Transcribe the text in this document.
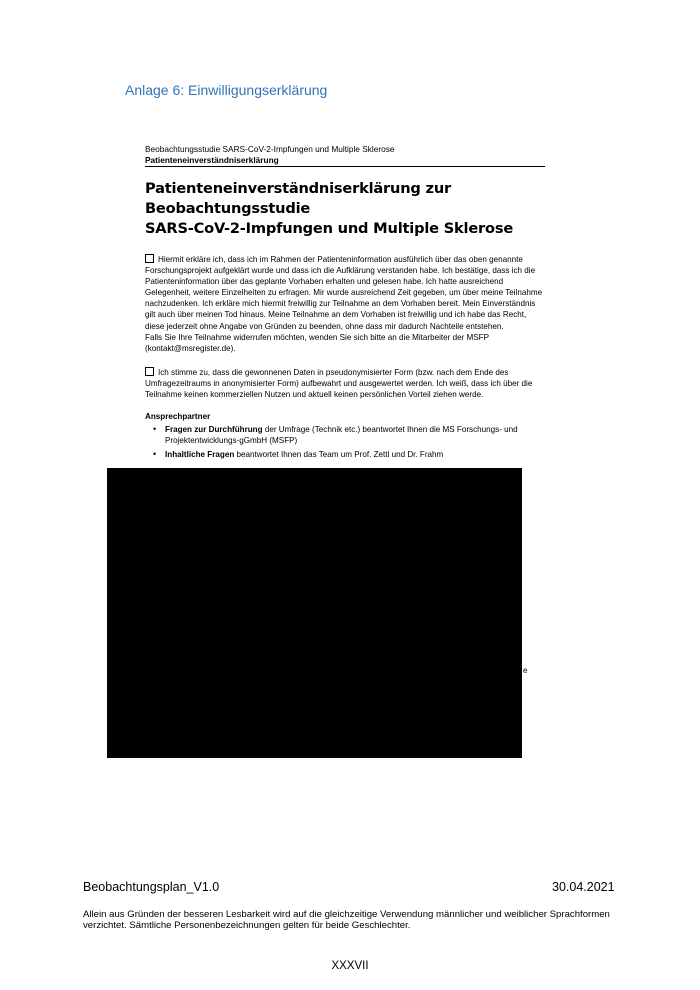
Anlage 6: Einwilligungserklärung
Beobachtungsstudie SARS-CoV-2-Impfungen und Multiple Sklerose
Patienteneinverständniserklärung
Patienteneinverständniserklärung zur Beobachtungsstudie
SARS-CoV-2-Impfungen und Multiple Sklerose

Hiermit erkläre ich, dass ich im Rahmen der Patienteninformation ausführlich über das oben genannte Forschungsprojekt aufgeklärt wurde und dass ich die Aufklärung verstanden habe. Ich bestätige, dass ich die Patienteninformation über das geplante Vorhaben erhalten und gelesen habe. Ich hatte ausreichend Gelegenheit, weitere Einzelheiten zu erfragen. Mir wurde ausreichend Zeit gegeben, um über meine Teilnahme nachzudenken. Ich erkläre mich hiermit freiwillig zur Teilnahme an dem Vorhaben bereit. Mein Einverständnis gilt auch über meinen Tod hinaus. Meine Teilnahme an dem Vorhaben ist freiwillig und ich habe das Recht, diese jederzeit ohne Angabe von Gründen zu beenden, ohne dass mir dadurch Nachteile entstehen.
Falls Sie Ihre Teilnahme widerrufen möchten, wenden Sie sich bitte an die Mitarbeiter der MSFP (kontakt@msregister.de).

Ich stimme zu, dass die gewonnenen Daten in pseudonymisierter Form (bzw. nach dem Ende des Umfragezeitraums in anonymisierter Form) aufbewahrt und ausgewertet werden. Ich weiß, dass ich über die Teilnahme keinen kommerziellen Nutzen und aktuell keinen persönlichen Vorteil ziehen werde.

Ansprechpartner
• Fragen zur Durchführung der Umfrage (Technik etc.) beantwortet Ihnen die MS Forschungs- und Projektentwicklungs-gGmbH (MSFP)
• Inhaltliche Fragen beantwortet Ihnen das Team um Prof. Zettl und Dr. Frahm
e
Beobachtungsplan_V1.0	30.04.2021
Allein aus Gründen der besseren Lesbarkeit wird auf die gleichzeitige Verwendung männlicher und weiblicher Sprachformen verzichtet. Sämtliche Personenbezeichnungen gelten für beide Geschlechter.
XXXVII
